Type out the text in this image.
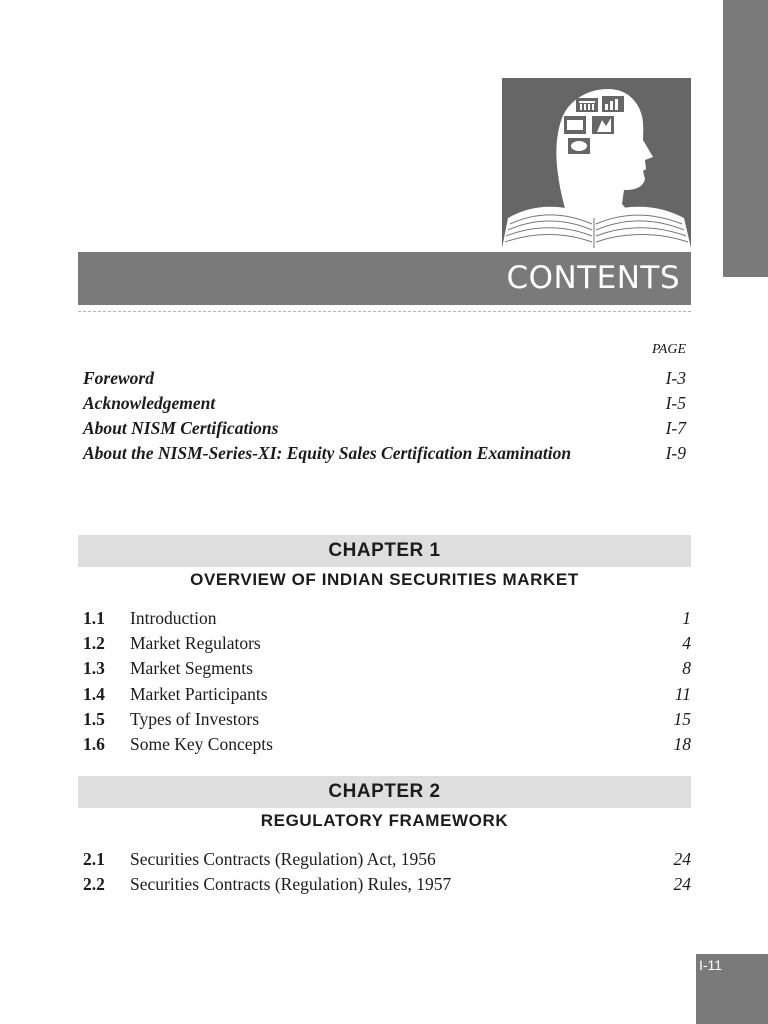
CONTENTS
PAGE
Foreword	I-3
Acknowledgement	I-5
About NISM Certifications	I-7
About the NISM-Series-XI: Equity Sales Certification Examination	I-9
CHAPTER 1
OVERVIEW OF INDIAN SECURITIES MARKET
1.1	Introduction	1
1.2	Market Regulators	4
1.3	Market Segments	8
1.4	Market Participants	11
1.5	Types of Investors	15
1.6	Some Key Concepts	18
CHAPTER 2
REGULATORY FRAMEWORK
2.1	Securities Contracts (Regulation) Act, 1956	24
2.2	Securities Contracts (Regulation) Rules, 1957	24
I-11
